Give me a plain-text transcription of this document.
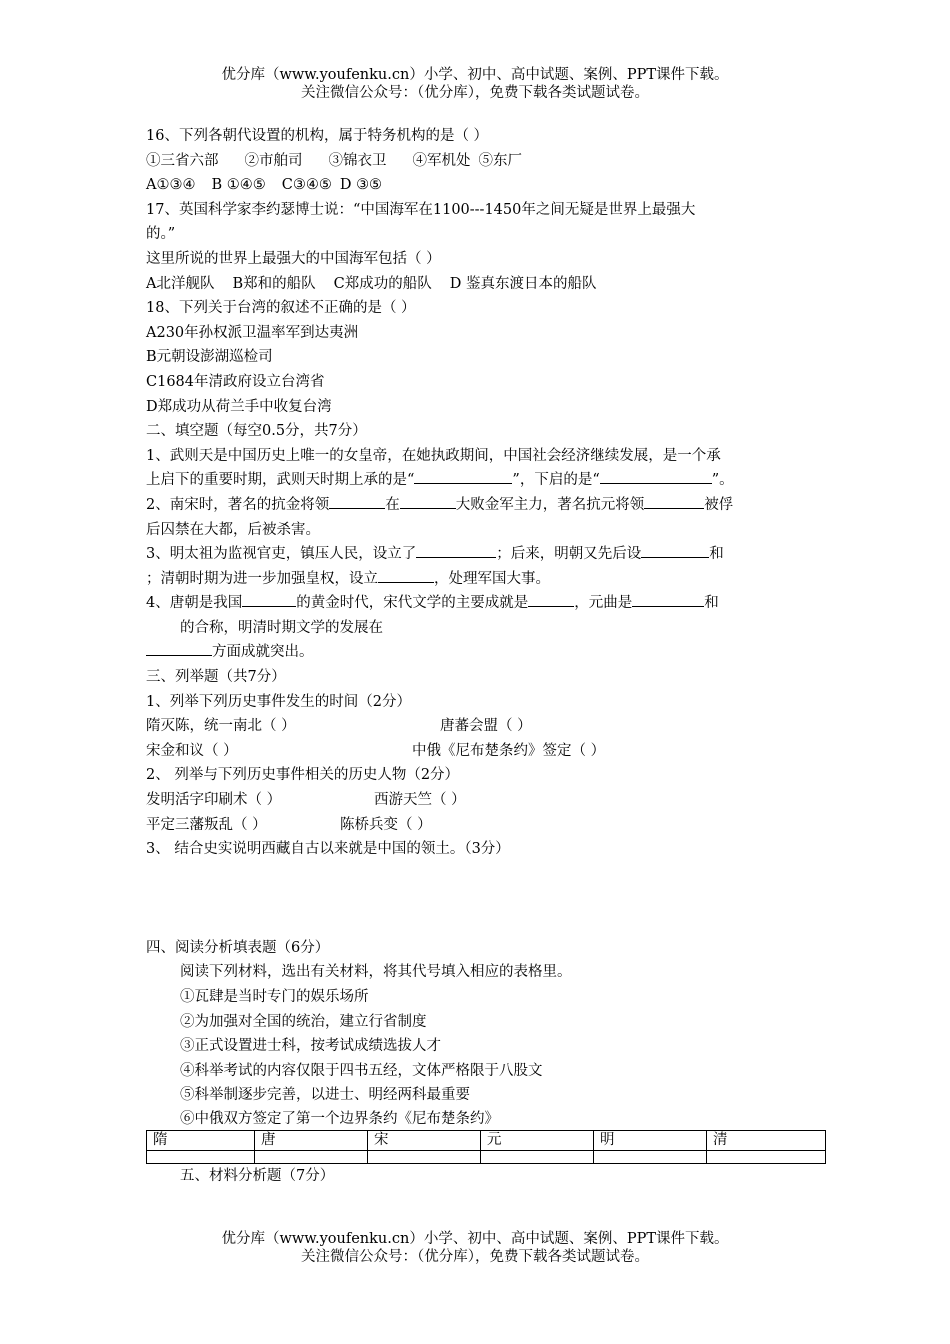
优分库（www.youfenku.cn）小学、初中、高中试题、案例、PPT课件下载。
关注微信公众号：（优分库），免费下载各类试题试卷。
16、下列各朝代设置的机构，属于特务机构的是（ ）
①三省六部 ②市舶司 ③锦衣卫 ④军机处 ⑤东厂
A①③④ B ①④⑤ C③④⑤ D ③⑤
17、英国科学家李约瑟博士说：“中国海军在1100---1450年之间无疑是世界上最强大
的。”
这里所说的世界上最强大的中国海军包括（ ）
A北洋舰队 B郑和的船队 C郑成功的船队 D 鉴真东渡日本的船队
18、下列关于台湾的叙述不正确的是（ ）
A230年孙权派卫温率军到达夷洲
B元朝设澎湖巡检司
C1684年清政府设立台湾省
D郑成功从荷兰手中收复台湾
二、填空题（每空0.5分，共7分）
1、武则天是中国历史上唯一的女皇帝，在她执政期间，中国社会经济继续发展，是一个承
上启下的重要时期，武则天时期上承的是“	”，下启的是“	”。
2、南宋时，著名的抗金将领	在	大败金军主力，著名抗元将领	被俘
后囚禁在大都，后被杀害。
3、明太祖为监视官吏，镇压人民，设立了	；后来，明朝又先后设	和
；清朝时期为进一步加强皇权，设立	，处理军国大事。
4、唐朝是我国	的黄金时代，宋代文学的主要成就是	，元曲是	和
的合称，明清时期文学的发展在
方面成就突出。
三、列举题（共7分）
1、列举下列历史事件发生的时间（2分）
隋灭陈，统一南北（ ）	唐蕃会盟（ ）
宋金和议（ ）	中俄《尼布楚条约》签定（ ）
2、 列举与下列历史事件相关的历史人物（2分）
发明活字印刷术（ ）	西游天竺（ ）
平定三藩叛乱（ ）	陈桥兵变（ ）
3、 结合史实说明西藏自古以来就是中国的领土。（3分）
四、阅读分析填表题（6分）
阅读下列材料，选出有关材料，将其代号填入相应的表格里。
①瓦肆是当时专门的娱乐场所
②为加强对全国的统治，建立行省制度
③正式设置进士科，按考试成绩选拔人才
④科举考试的内容仅限于四书五经，文体严格限于八股文
⑤科举制逐步完善，以进士、明经两科最重要
⑥中俄双方签定了第一个边界条约《尼布楚条约》
隋	唐	宋	元	明	清

五、材料分析题（7分）
优分库（www.youfenku.cn）小学、初中、高中试题、案例、PPT课件下载。
关注微信公众号：（优分库），免费下载各类试题试卷。
